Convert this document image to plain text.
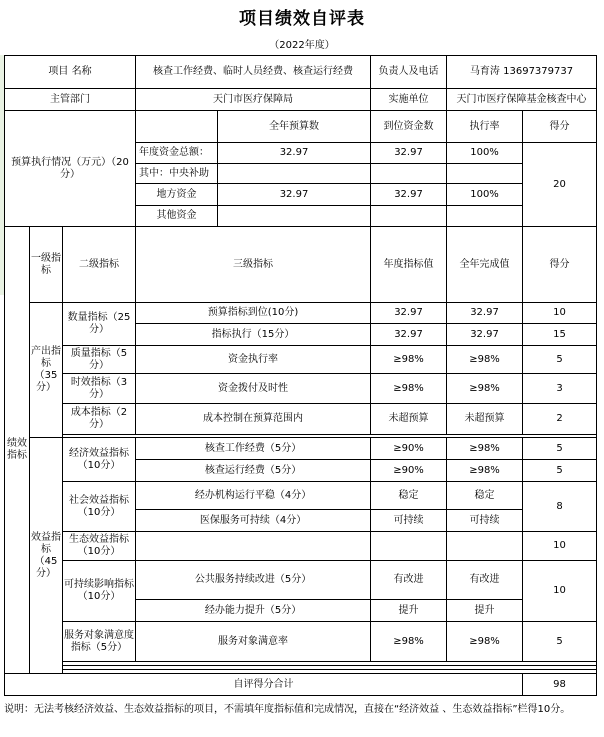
项目绩效自评表
（2022年度）
项目 名称			核查工作经费、临时人员经费、核查运行经费		负责人及电话	马育涛 13697379737	
主管部门			天门市医疗保障局		实施单位	天门市医疗保障基金核查中心	
预算执行情况（万元）（20分）				全年预算数	到位资金数	执行率	得分
			年度资金总额：	32.97	32.97	100%	20
			其中：中央补助				
			地方资金	32.97	32.97	100%	
			其他资金				
绩效指标	一级指标	二级指标	三级指标		年度指标值	全年完成值	得分
	产出指标（35分）	数量指标（25分）	预算指标到位(10分)		32.97	32.97	10
			指标执行（15分）		32.97	32.97	15
		质量指标（5分）	资金执行率		≥98%	≥98%	5
		时效指标（3分）	资金拨付及时性		≥98%	≥98%	3
		成本指标（2分）	成本控制在预算范围内		未超预算	未超预算	2

	效益指标（45分）	经济效益指标（10分）	核查工作经费（5分）		≥90%	≥98%	5
			核查运行经费（5分）		≥90%	≥98%	5
		社会效益指标（10分）	经办机构运行平稳（4分）		稳定	稳定	8
			医保服务可持续（4分）		可持续	可持续	
		生态效益指标（10分）					10
		可持续影响指标（10分）	公共服务持续改进（5分）		有改进	有改进	10
			经办能力提升（5分）		提升	提升	
		服务对象满意度指标（5分）	服务对象满意率		≥98%	≥98%	5

自评得分合计							98
说明：无法考核经济效益、生态效益指标的项目，不需填年度指标值和完成情况，直接在“经济效益 、生态效益指标”栏得10分。
